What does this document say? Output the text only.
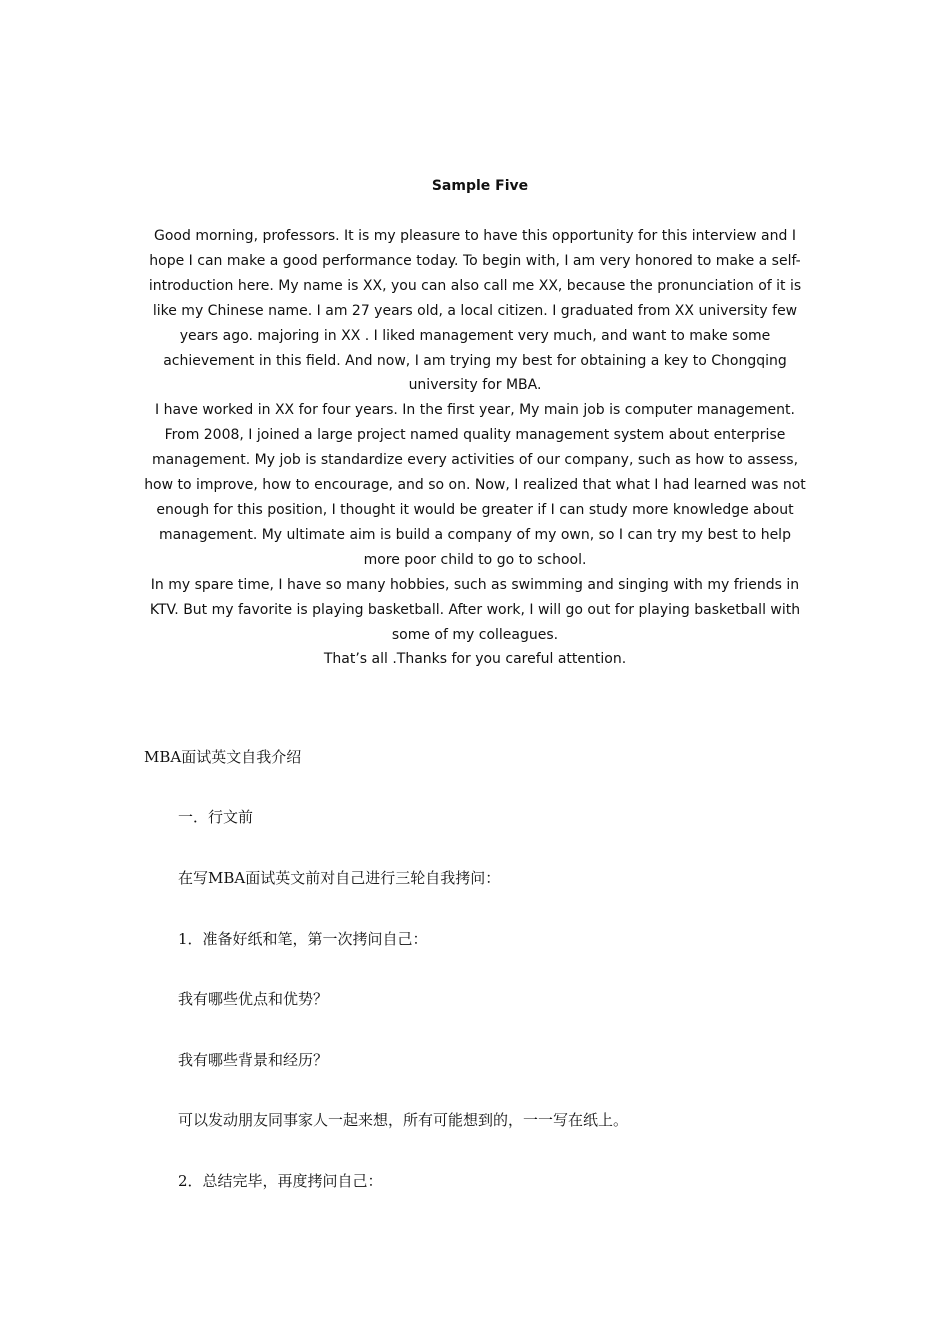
Sample Five

Good morning, professors. It is my pleasure to have this opportunity for this interview and I hope I can make a good performance today. To begin with, I am very honored to make a self-introduction here. My name is XX, you can also call me XX, because the pronunciation of it is like my Chinese name. I am 27 years old, a local citizen. I graduated from XX university few years ago. majoring in XX . I liked management very much, and want to make some achievement in this field. And now, I am trying my best for obtaining a key to Chongqing university for MBA.

I have worked in XX for four years. In the first year, My main job is computer management. From 2008, I joined a large project named quality management system about enterprise management. My job is standardize every activities of our company, such as how to assess, how to improve, how to encourage, and so on. Now, I realized that what I had learned was not enough for this position, I thought it would be greater if I can study more knowledge about management. My ultimate aim is build a company of my own, so I can try my best to help more poor child to go to school.

In my spare time, I have so many hobbies, such as swimming and singing with my friends in KTV. But my favorite is playing basketball. After work, I will go out for playing basketball with some of my colleagues.

That’s all .Thanks for you careful attention.

MBA面试英文自我介绍
一．行文前
在写MBA面试英文前对自己进行三轮自我拷问：
1．准备好纸和笔，第一次拷问自己：
我有哪些优点和优势？
我有哪些背景和经历？
可以发动朋友同事家人一起来想，所有可能想到的，一一写在纸上。
2．总结完毕，再度拷问自己：
